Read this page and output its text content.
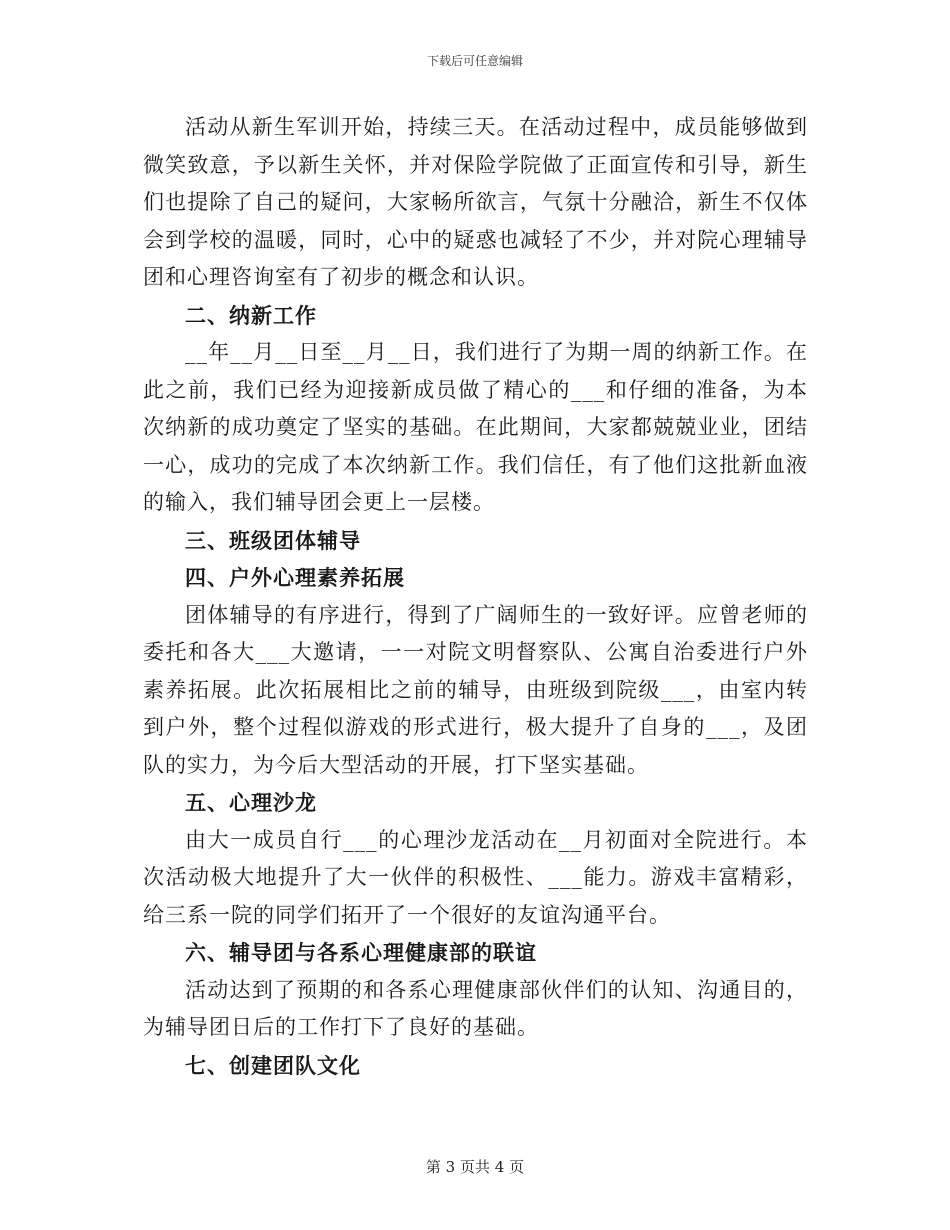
下载后可任意编辑

活动从新生军训开始，持续三天。在活动过程中，成员能够做到微笑致意，予以新生关怀，并对保险学院做了正面宣传和引导，新生们也提除了自己的疑问，大家畅所欲言，气氛十分融洽，新生不仅体会到学校的温暖，同时，心中的疑惑也减轻了不少，并对院心理辅导团和心理咨询室有了初步的概念和认识。

二、纳新工作

__年__月__日至__月__日，我们进行了为期一周的纳新工作。在此之前，我们已经为迎接新成员做了精心的___和仔细的准备，为本次纳新的成功奠定了坚实的基础。在此期间，大家都兢兢业业，团结一心，成功的完成了本次纳新工作。我们信任，有了他们这批新血液的输入，我们辅导团会更上一层楼。

三、班级团体辅导

四、户外心理素养拓展

团体辅导的有序进行，得到了广阔师生的一致好评。应曾老师的委托和各大___大邀请，一一对院文明督察队、公寓自治委进行户外素养拓展。此次拓展相比之前的辅导，由班级到院级___，由室内转到户外，整个过程似游戏的形式进行，极大提升了自身的___，及团队的实力，为今后大型活动的开展，打下坚实基础。

五、心理沙龙

由大一成员自行___的心理沙龙活动在__月初面对全院进行。本次活动极大地提升了大一伙伴的积极性、___能力。游戏丰富精彩，给三系一院的同学们拓开了一个很好的友谊沟通平台。

六、辅导团与各系心理健康部的联谊

活动达到了预期的和各系心理健康部伙伴们的认知、沟通目的，为辅导团日后的工作打下了良好的基础。

七、创建团队文化

第 3 页共 4 页
